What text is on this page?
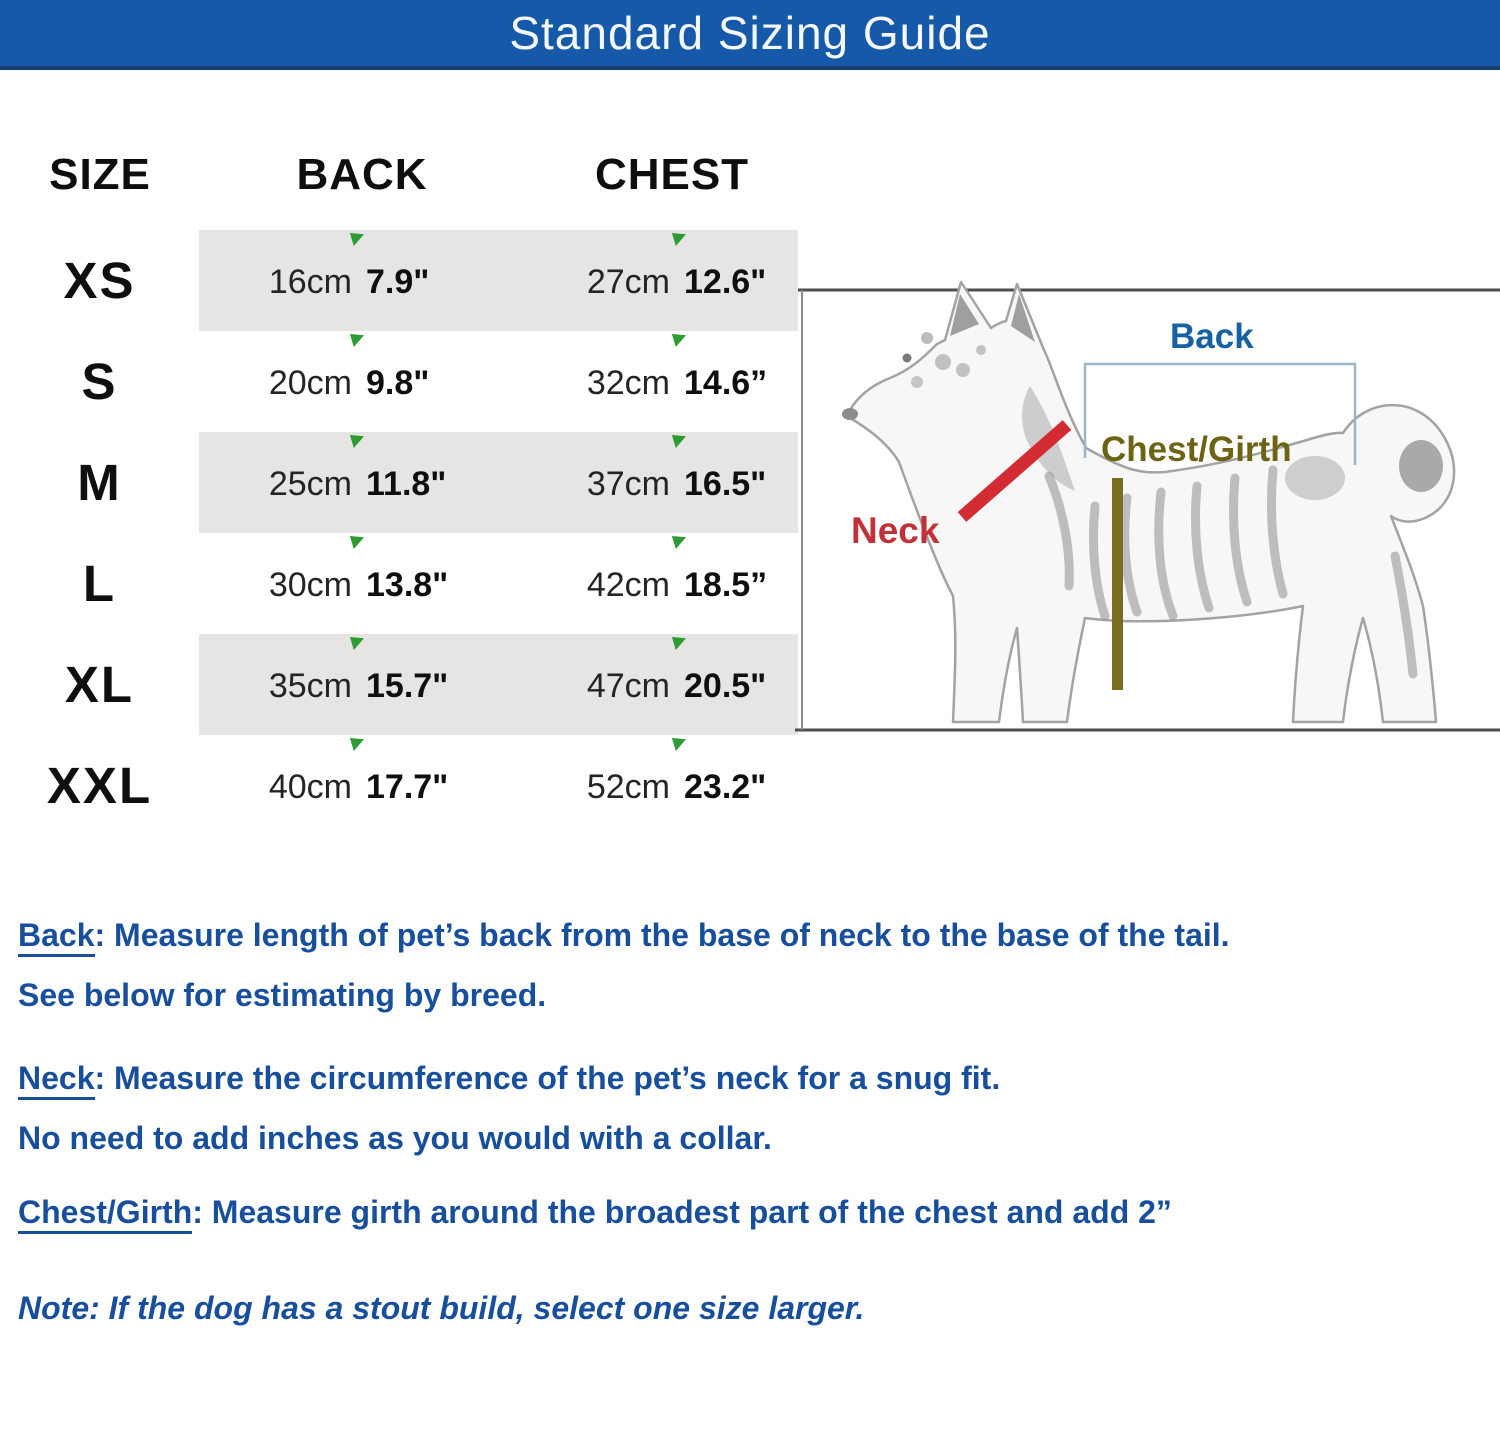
Standard Sizing Guide
SIZE	BACK	CHEST
XS	16cm 7.9"	27cm 12.6"
S	20cm 9.8"	32cm 14.6”
M	25cm 11.8"	37cm 16.5"
L	30cm 13.8"	42cm 18.5”
XL	35cm 15.7"	47cm 20.5"
XXL	40cm 17.7"	52cm 23.2"
Back
Chest/Girth
Neck
Back: Measure length of pet’s back from the base of neck to the base of the tail.
See below for estimating by breed.
Neck: Measure the circumference of the pet’s neck for a snug fit.
No need to add inches as you would with a collar.
Chest/Girth: Measure girth around the broadest part of the chest and add 2”
Note: If the dog has a stout build, select one size larger.
